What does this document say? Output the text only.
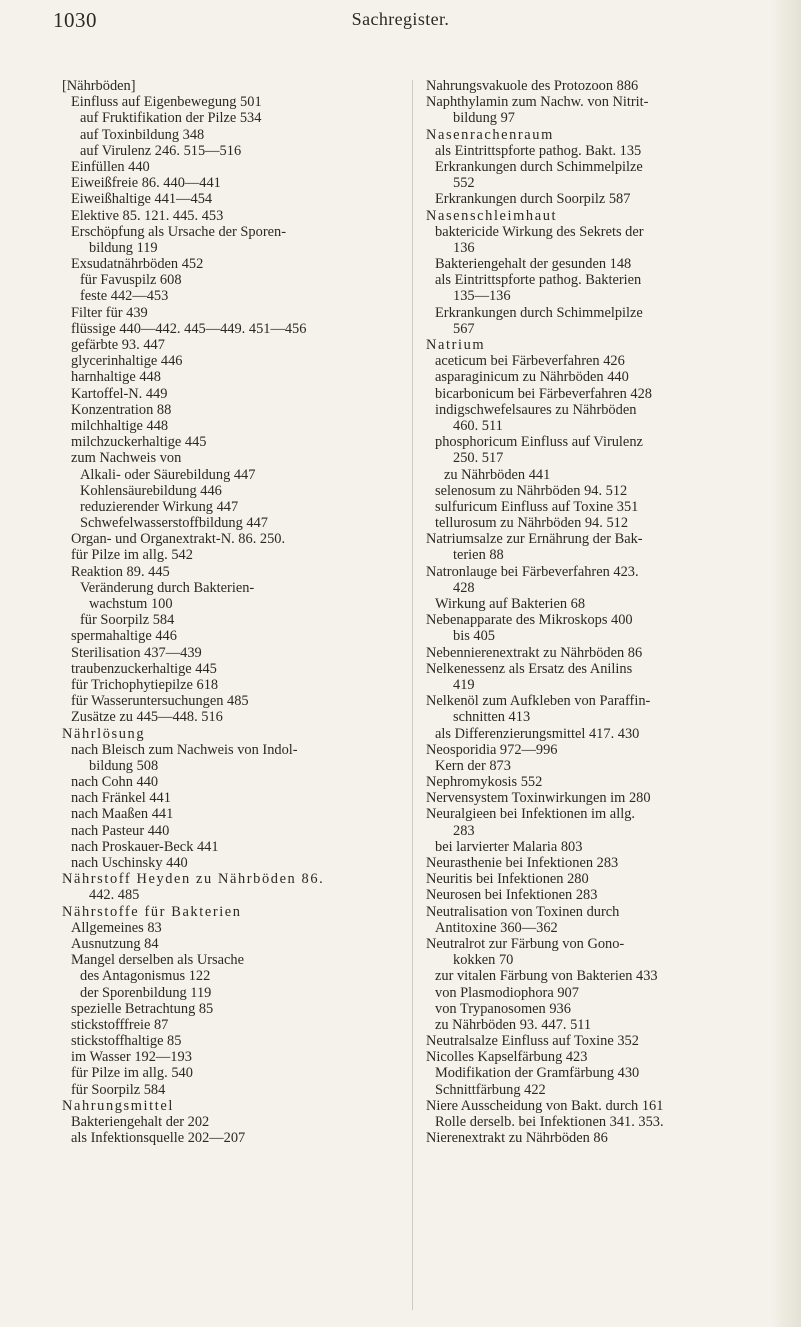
1030	Sachregister.
[Nährböden]
Einfluss auf Eigenbewegung 501
auf Fruktifikation der Pilze 534
auf Toxinbildung 348
auf Virulenz 246. 515—516
Einfüllen 440
Eiweißfreie 86. 440—441
Eiweißhaltige 441—454
Elektive 85. 121. 445. 453
Erschöpfung als Ursache der Sporen-
bildung 119
Exsudatnährböden 452
für Favuspilz 608
feste 442—453
Filter für 439
flüssige 440—442. 445—449. 451—456
gefärbte 93. 447
glycerinhaltige 446
harnhaltige 448
Kartoffel-N. 449
Konzentration 88
milchhaltige 448
milchzuckerhaltige 445
zum Nachweis von
Alkali- oder Säurebildung 447
Kohlensäurebildung 446
reduzierender Wirkung 447
Schwefelwasserstoffbildung 447
Organ- und Organextrakt-N. 86. 250.
für Pilze im allg. 542
Reaktion 89. 445
Veränderung durch Bakterien-
wachstum 100
für Soorpilz 584
spermahaltige 446
Sterilisation 437—439
traubenzuckerhaltige 445
für Trichophytiepilze 618
für Wasseruntersuchungen 485
Zusätze zu 445—448. 516
Nährlösung
nach Bleisch zum Nachweis von Indol-
bildung 508
nach Cohn 440
nach Fränkel 441
nach Maaßen 441
nach Pasteur 440
nach Proskauer-Beck 441
nach Uschinsky 440
Nährstoff Heyden zu Nährböden 86.
442. 485
Nährstoffe für Bakterien
Allgemeines 83
Ausnutzung 84
Mangel derselben als Ursache
des Antagonismus 122
der Sporenbildung 119
spezielle Betrachtung 85
stickstofffreie 87
stickstoffhaltige 85
im Wasser 192—193
für Pilze im allg. 540
für Soorpilz 584
Nahrungsmittel
Bakteriengehalt der 202
als Infektionsquelle 202—207
Nahrungsvakuole des Protozoon 886
Naphthylamin zum Nachw. von Nitrit-
bildung 97
Nasenrachenraum
als Eintrittspforte pathog. Bakt. 135
Erkrankungen durch Schimmelpilze
552
Erkrankungen durch Soorpilz 587
Nasenschleimhaut
baktericide Wirkung des Sekrets der
136
Bakteriengehalt der gesunden 148
als Eintrittspforte pathog. Bakterien
135—136
Erkrankungen durch Schimmelpilze
567
Natrium
aceticum bei Färbeverfahren 426
asparaginicum zu Nährböden 440
bicarbonicum bei Färbeverfahren 428
indigschwefelsaures zu Nährböden
460. 511
phosphoricum Einfluss auf Virulenz
250. 517
zu Nährböden 441
selenosum zu Nährböden 94. 512
sulfuricum Einfluss auf Toxine 351
tellurosum zu Nährböden 94. 512
Natriumsalze zur Ernährung der Bak-
terien 88
Natronlauge bei Färbeverfahren 423.
428
Wirkung auf Bakterien 68
Nebenapparate des Mikroskops 400
bis 405
Nebennierenextrakt zu Nährböden 86
Nelkenessenz als Ersatz des Anilins
419
Nelkenöl zum Aufkleben von Paraffin-
schnitten 413
als Differenzierungsmittel 417. 430
Neosporidia 972—996
Kern der 873
Nephromykosis 552
Nervensystem Toxinwirkungen im 280
Neuralgieen bei Infektionen im allg.
283
bei larvierter Malaria 803
Neurasthenie bei Infektionen 283
Neuritis bei Infektionen 280
Neurosen bei Infektionen 283
Neutralisation von Toxinen durch
Antitoxine 360—362
Neutralrot zur Färbung von Gono-
kokken 70
zur vitalen Färbung von Bakterien 433
von Plasmodiophora 907
von Trypanosomen 936
zu Nährböden 93. 447. 511
Neutralsalze Einfluss auf Toxine 352
Nicolles Kapselfärbung 423
Modifikation der Gramfärbung 430
Schnittfärbung 422
Niere Ausscheidung von Bakt. durch 161
Rolle derselb. bei Infektionen 341. 353.
Nierenextrakt zu Nährböden 86
